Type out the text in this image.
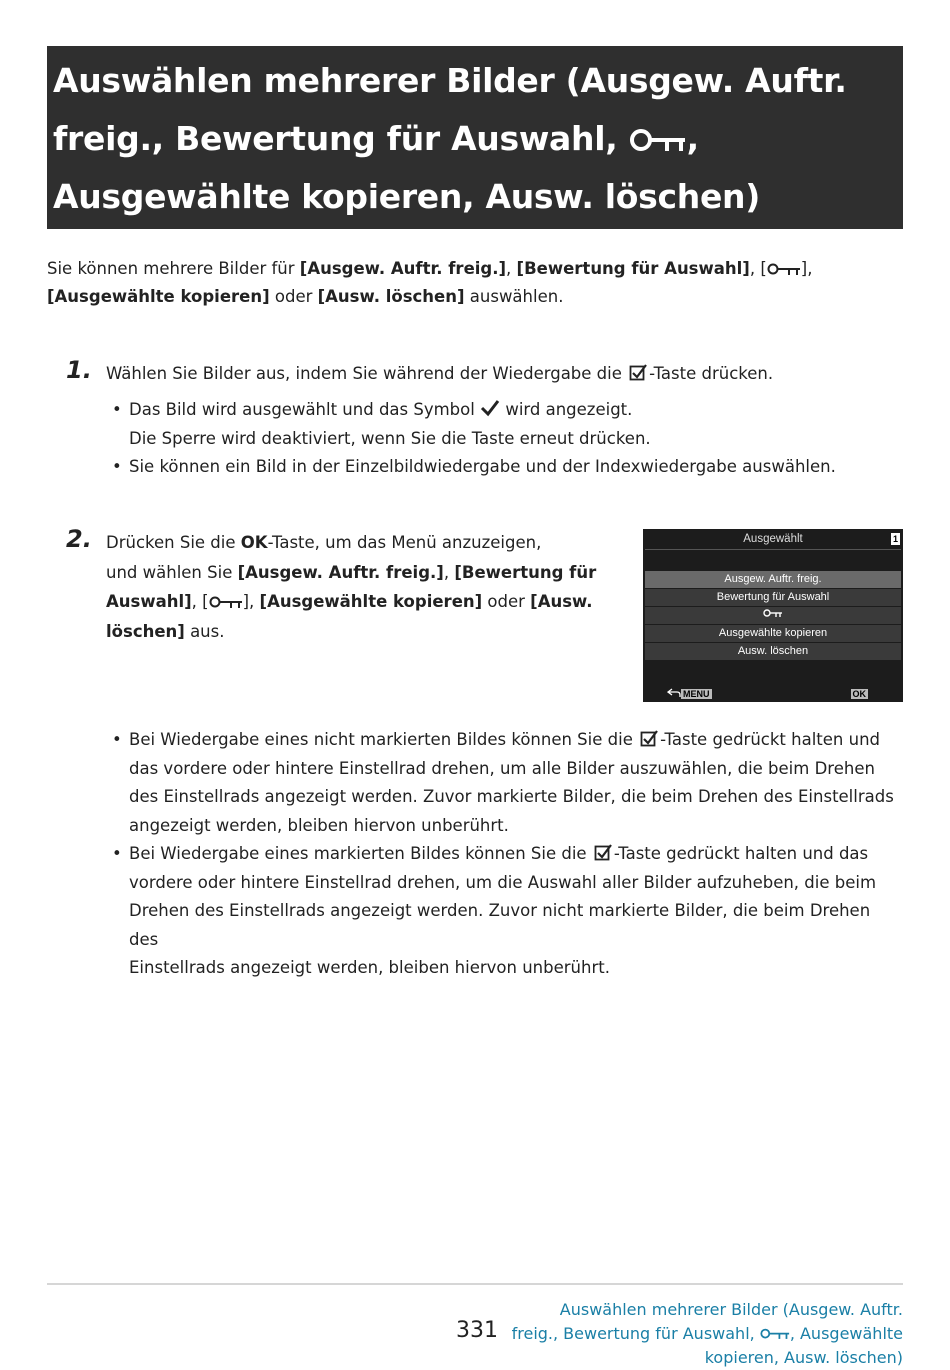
Auswählen mehrerer Bilder (Ausgew. Auftr.
freig., Bewertung für Auswahl, ,
Ausgewählte kopieren, Ausw. löschen)
Sie können mehrere Bilder für [Ausgew. Auftr. freig.], [Bewertung für Auswahl], [ ],
[Ausgewählte kopieren] oder [Ausw. löschen] auswählen.
1. Wählen Sie Bilder aus, indem Sie während der Wiedergabe die -Taste drücken.
• Das Bild wird ausgewählt und das Symbol  wird angezeigt.
Die Sperre wird deaktiviert, wenn Sie die Taste erneut drücken.
• Sie können ein Bild in der Einzelbildwiedergabe und der Indexwiedergabe auswählen.
2. Drücken Sie die OK-Taste, um das Menü anzuzeigen,
und wählen Sie [Ausgew. Auftr. freig.], [Bewertung für
Auswahl], [ ], [Ausgewählte kopieren] oder [Ausw.
löschen] aus.
Ausgewählt	1
Ausgew. Auftr. freig.
Bewertung für Auswahl
Ausgewählte kopieren
Ausw. löschen
MENU	OK
• Bei Wiedergabe eines nicht markierten Bildes können Sie die -Taste gedrückt halten und
das vordere oder hintere Einstellrad drehen, um alle Bilder auszuwählen, die beim Drehen
des Einstellrads angezeigt werden. Zuvor markierte Bilder, die beim Drehen des Einstellrads
angezeigt werden, bleiben hiervon unberührt.
• Bei Wiedergabe eines markierten Bildes können Sie die -Taste gedrückt halten und das
vordere oder hintere Einstellrad drehen, um die Auswahl aller Bilder aufzuheben, die beim
Drehen des Einstellrads angezeigt werden. Zuvor nicht markierte Bilder, die beim Drehen des
Einstellrads angezeigt werden, bleiben hiervon unberührt.
331
Auswählen mehrerer Bilder (Ausgew. Auftr.
freig., Bewertung für Auswahl, , Ausgewählte
kopieren, Ausw. löschen)
